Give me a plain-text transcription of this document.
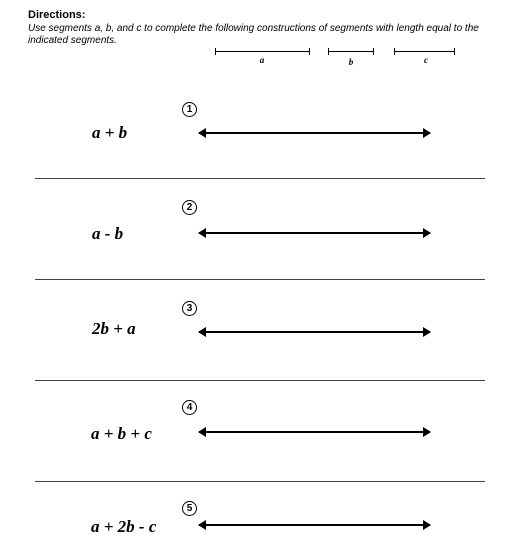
Directions:
Use segments a, b, and c to complete the following constructions of segments with length equal to the indicated segments.
a	b	c
1
a + b
2
a - b
3
2b + a
4
a + b + c
5
a + 2b - c
